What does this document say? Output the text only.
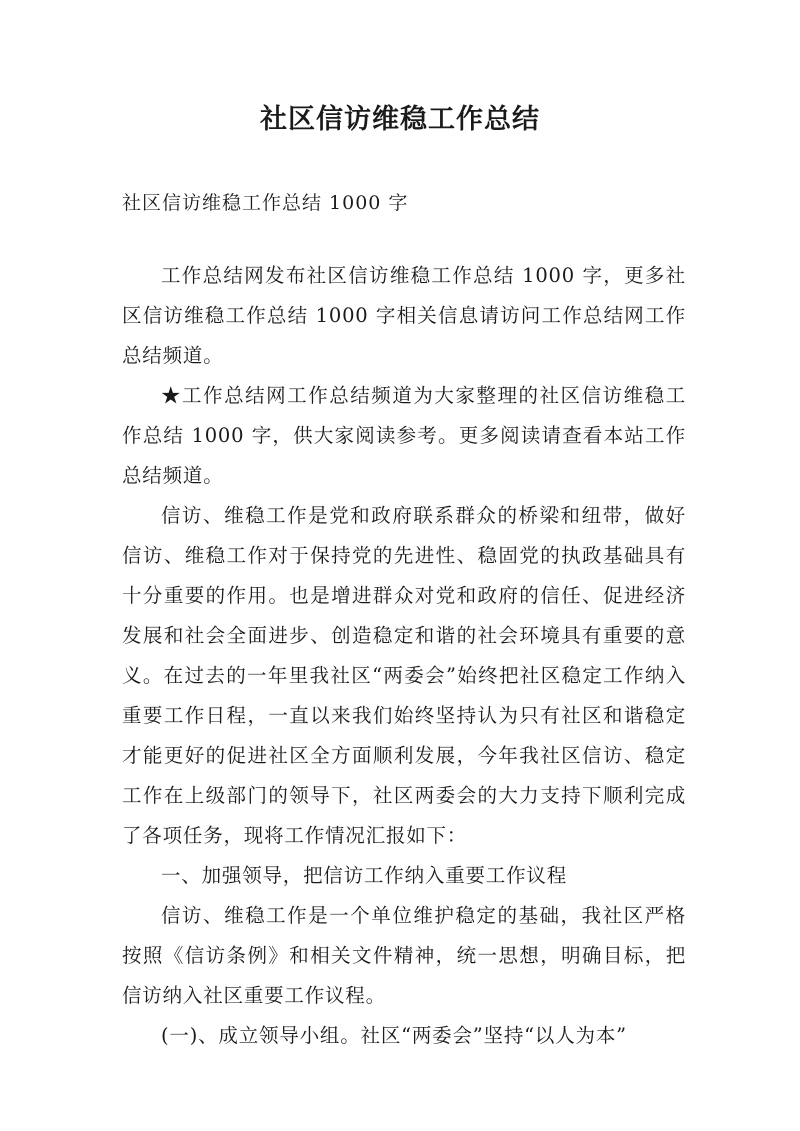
社区信访维稳工作总结
社区信访维稳工作总结 1000 字

工作总结网发布社区信访维稳工作总结 1000 字，更多社区信访维稳工作总结 1000 字相关信息请访问工作总结网工作总结频道。

★工作总结网工作总结频道为大家整理的社区信访维稳工作总结 1000 字，供大家阅读参考。更多阅读请查看本站工作总结频道。

信访、维稳工作是党和政府联系群众的桥梁和纽带，做好信访、维稳工作对于保持党的先进性、稳固党的执政基础具有十分重要的作用。也是增进群众对党和政府的信任、促进经济发展和社会全面进步、创造稳定和谐的社会环境具有重要的意义。在过去的一年里我社区“两委会”始终把社区稳定工作纳入重要工作日程，一直以来我们始终坚持认为只有社区和谐稳定才能更好的促进社区全方面顺利发展，今年我社区信访、稳定工作在上级部门的领导下，社区两委会的大力支持下顺利完成了各项任务，现将工作情况汇报如下：

一、加强领导，把信访工作纳入重要工作议程

信访、维稳工作是一个单位维护稳定的基础，我社区严格按照《信访条例》和相关文件精神，统一思想，明确目标，把信访纳入社区重要工作议程。

(一)、成立领导小组。社区“两委会”坚持“以人为本”
